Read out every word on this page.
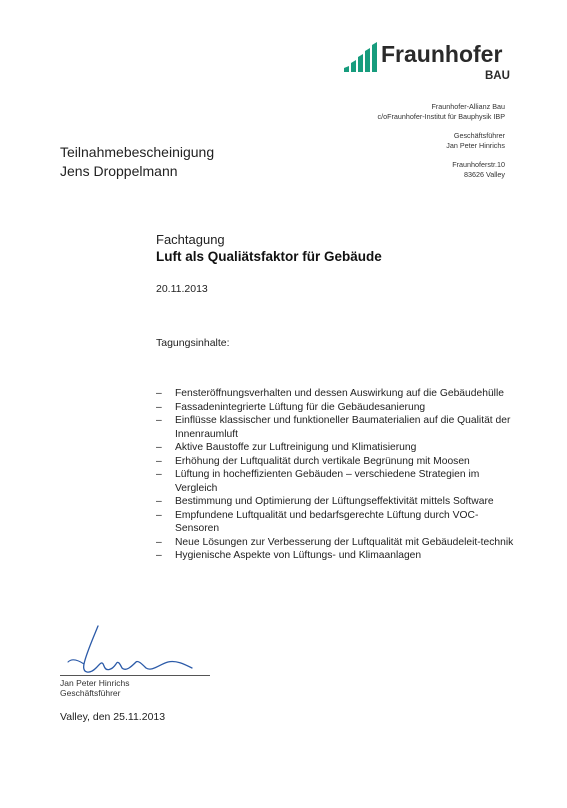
Fraunhofer
BAU
Fraunhofer-Allianz Bau
c/oFraunhofer-Institut für Bauphysik IBP
Geschäftsführer
Jan Peter Hinrichs
Fraunhoferstr.10
83626 Valley
Teilnahmebescheinigung
Jens Droppelmann
Fachtagung
Luft als Qualiätsfaktor für Gebäude
20.11.2013
Tagungsinhalte:
– Fensteröffnungsverhalten und dessen Auswirkung auf die Gebäudehülle
– Fassadenintegrierte Lüftung für die Gebäudesanierung
– Einflüsse klassischer und funktioneller Baumaterialien auf die Qualität der Innenraumluft
– Aktive Baustoffe zur Luftreinigung und Klimatisierung
– Erhöhung der Luftqualität durch vertikale Begrünung mit Moosen
– Lüftung in hocheffizienten Gebäuden – verschiedene Strategien im Vergleich
– Bestimmung und Optimierung der Lüftungseffektivität mittels Software
– Empfundene Luftqualität und bedarfsgerechte Lüftung durch VOC-Sensoren
– Neue Lösungen zur Verbesserung der Luftqualität mit Gebäudeleit-technik
– Hygienische Aspekte von Lüftungs- und Klimaanlagen
Jan Peter Hinrichs
Geschäftsführer
Valley, den 25.11.2013
